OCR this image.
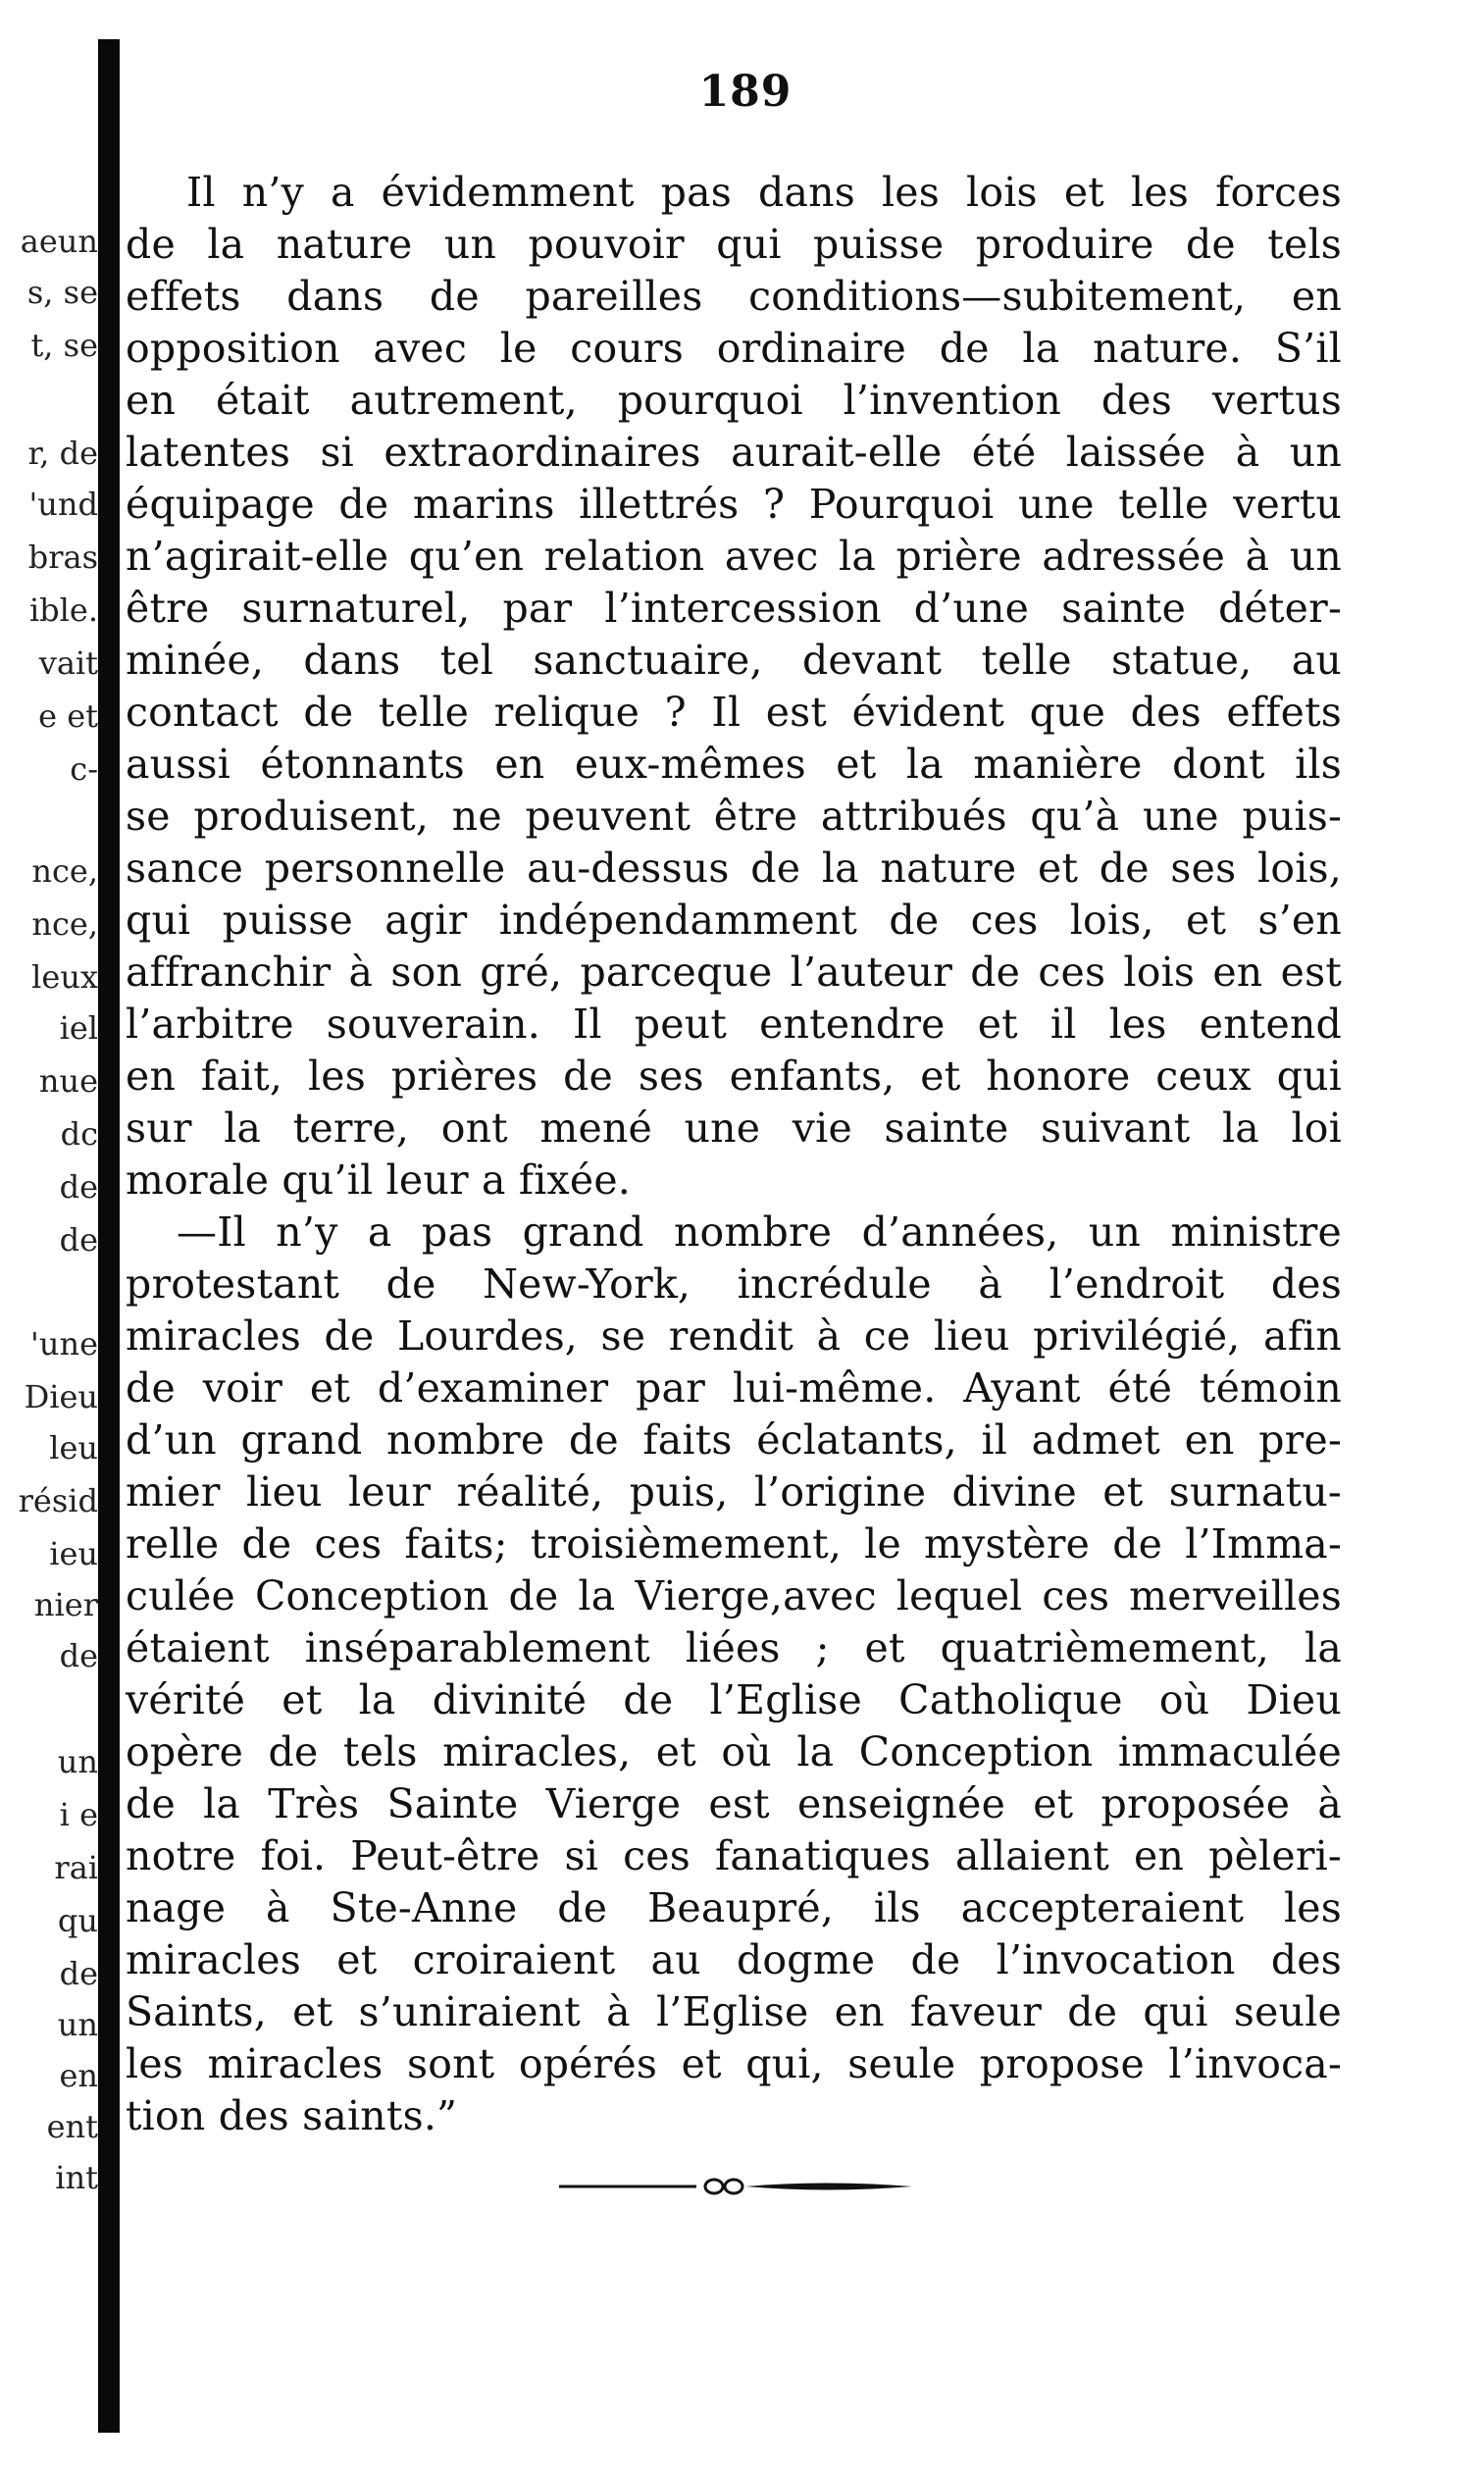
aeun
s, se
t, se
r, de
'und
bras
ible.
vait
e et
c-
nce,
nce,
leux
iel
nue
dc
de
de
'une
Dieu
leu
résid
ieu
nier
de
un
i e
rai
qu
de
un
en
ent
int
189
Il n’y a évidemment pas dans les lois et les forces
de la nature un pouvoir qui puisse produire de tels
effets dans de pareilles conditions—subitement, en
opposition avec le cours ordinaire de la nature. S’il
en était autrement, pourquoi l’invention des vertus
latentes si extraordinaires aurait-elle été laissée à un
équipage de marins illettrés ? Pourquoi une telle vertu
n’agirait-elle qu’en relation avec la prière adressée à un
être surnaturel, par l’intercession d’une sainte déter-
minée, dans tel sanctuaire, devant telle statue, au
contact de telle relique ? Il est évident que des effets
aussi étonnants en eux-mêmes et la manière dont ils
se produisent, ne peuvent être attribués qu’à une puis-
sance personnelle au-dessus de la nature et de ses lois,
qui puisse agir indépendamment de ces lois, et s’en
affranchir à son gré, parceque l’auteur de ces lois en est
l’arbitre souverain. Il peut entendre et il les entend
en fait, les prières de ses enfants, et honore ceux qui
sur la terre, ont mené une vie sainte suivant la loi
morale qu’il leur a fixée.
—Il n’y a pas grand nombre d’années, un ministre
protestant de New-York, incrédule à l’endroit des
miracles de Lourdes, se rendit à ce lieu privilégié, afin
de voir et d’examiner par lui-même. Ayant été témoin
d’un grand nombre de faits éclatants, il admet en pre-
mier lieu leur réalité, puis, l’origine divine et surnatu-
relle de ces faits; troisièmement, le mystère de l’Imma-
culée Conception de la Vierge,avec lequel ces merveilles
étaient inséparablement liées ; et quatrièmement, la
vérité et la divinité de l’Eglise Catholique où Dieu
opère de tels miracles, et où la Conception immaculée
de la Très Sainte Vierge est enseignée et proposée à
notre foi. Peut-être si ces fanatiques allaient en pèleri-
nage à Ste-Anne de Beaupré, ils accepteraient les
miracles et croiraient au dogme de l’invocation des
Saints, et s’uniraient à l’Eglise en faveur de qui seule
les miracles sont opérés et qui, seule propose l’invoca-
tion des saints.”
